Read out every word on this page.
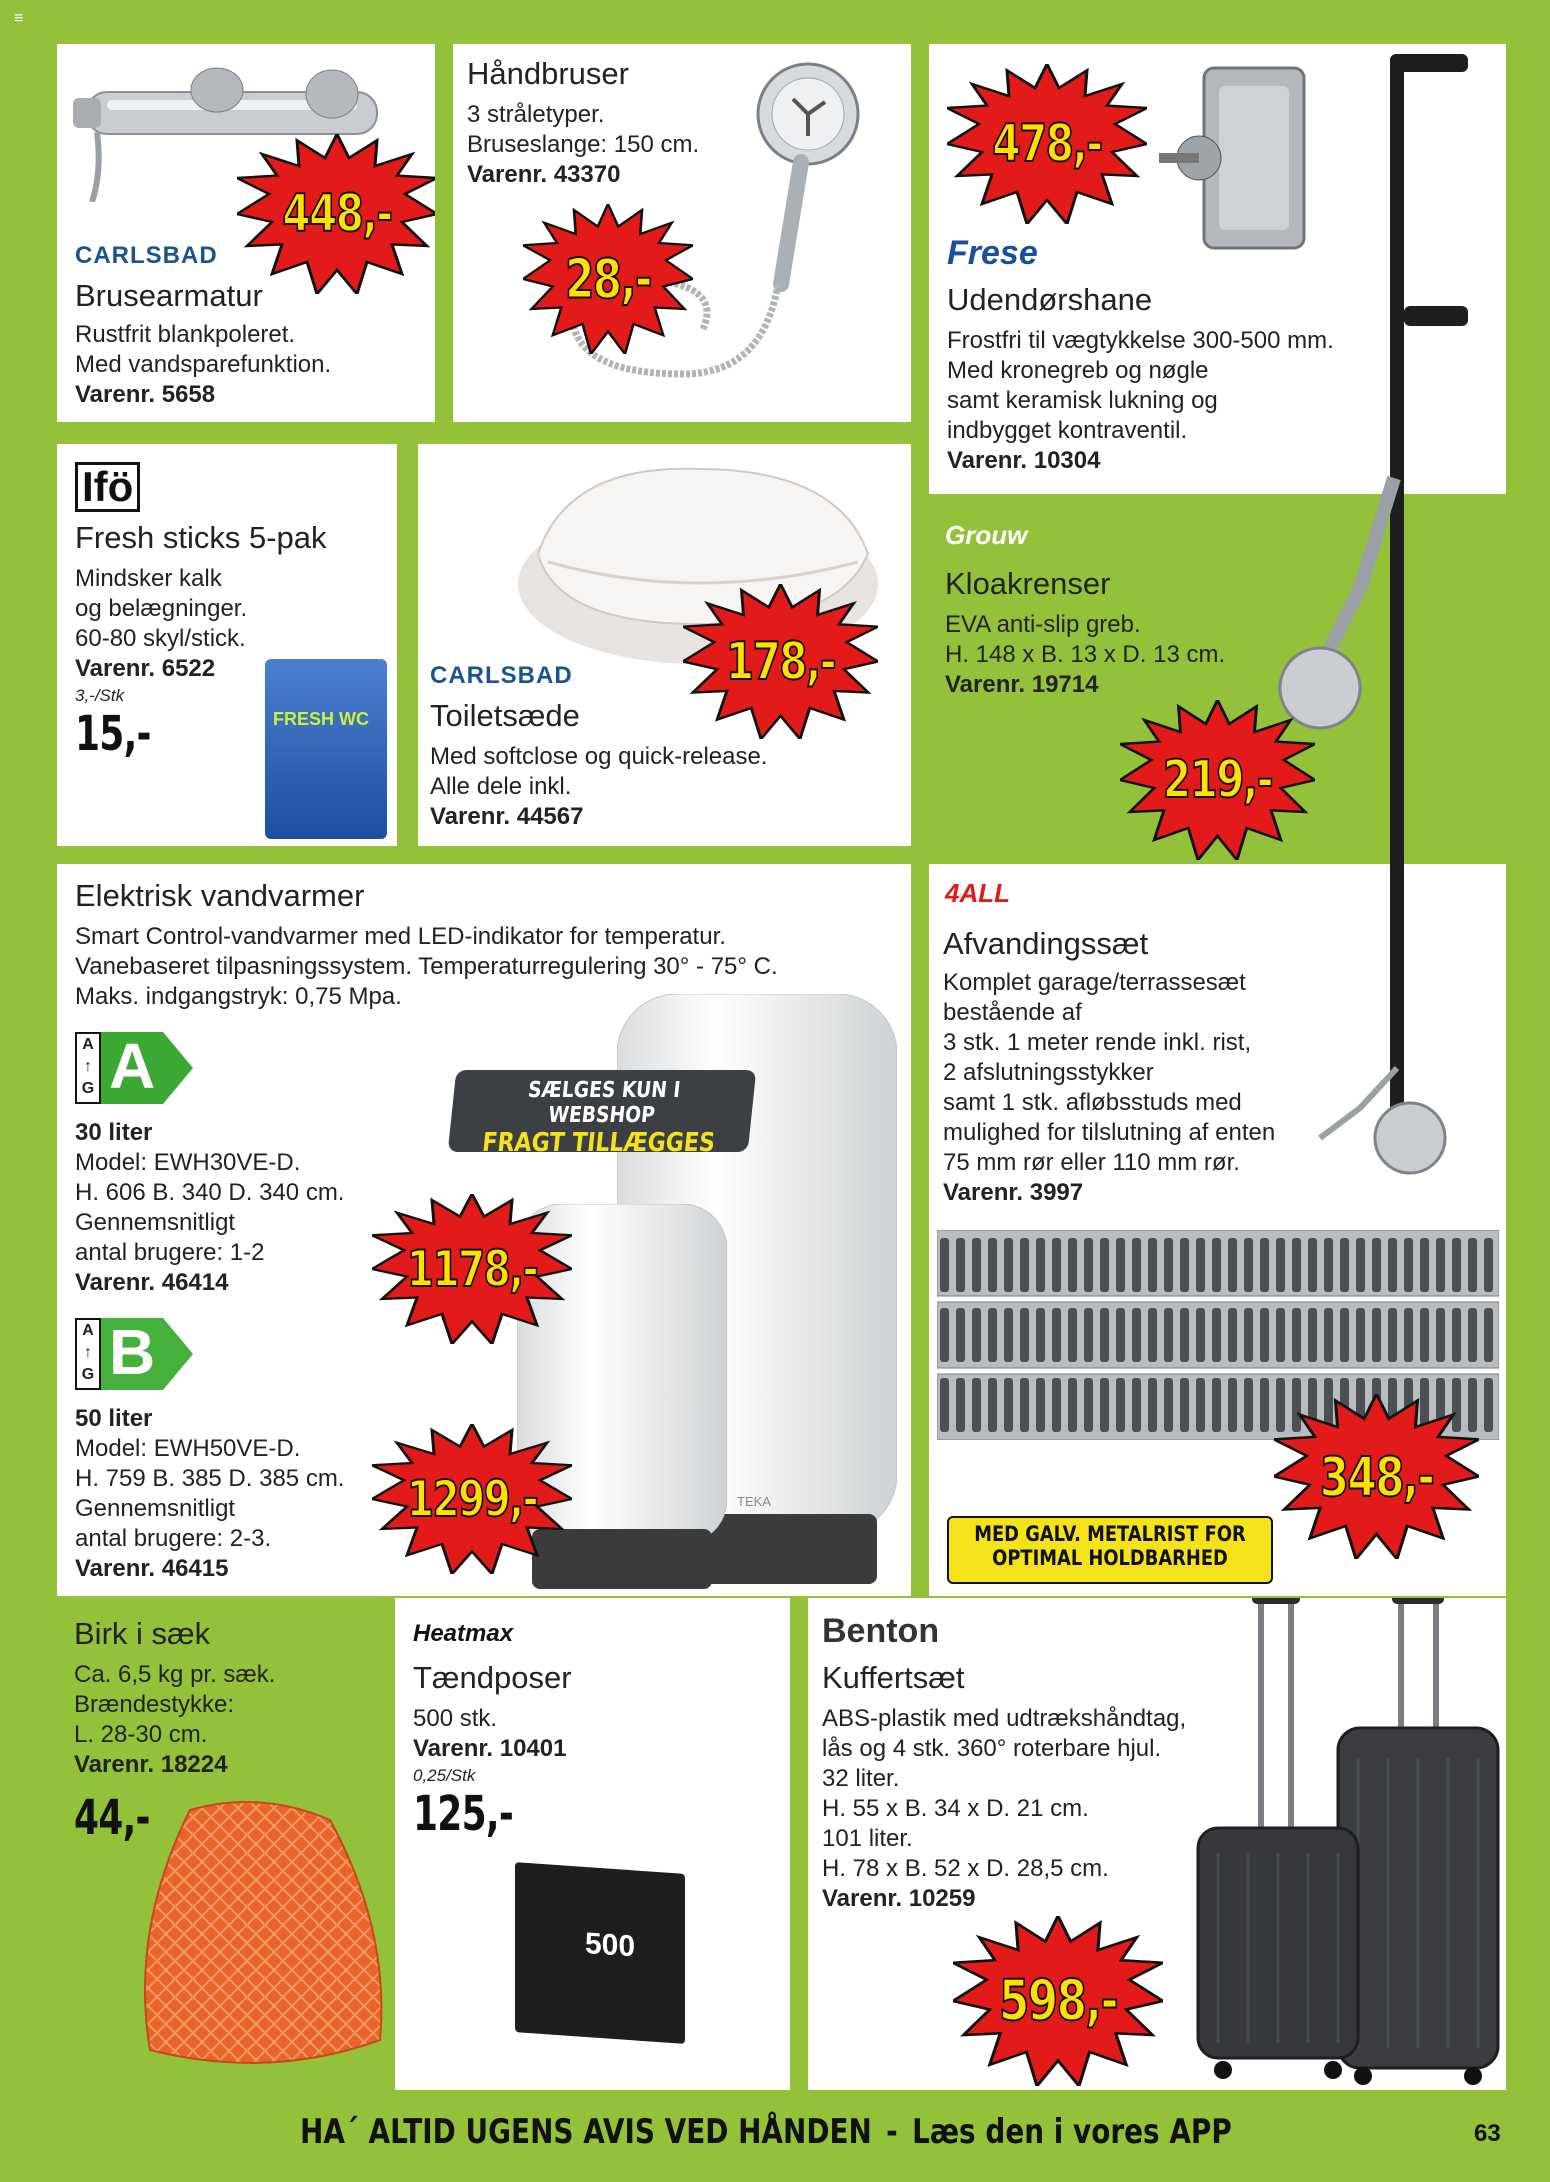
≡
448,-
CARLSBAD
Brusearmatur
Rustfrit blankpoleret.
Med vandsparefunktion.
Varenr. 5658
Håndbruser
3 stråletyper.
Bruseslange: 150 cm.
Varenr. 43370
28,-
478,-
Frese
Udendørshane
Frostfri til vægtykkelse 300-500 mm.
Med kronegreb og nøgle
samt keramisk lukning og
indbygget kontraventil.
Varenr. 10304
Ifö
Fresh sticks 5-pak
Mindsker kalk
og belægninger.
60-80 skyl/stick.
Varenr. 6522
3,-/Stk
15,-	FRESH WC
178,-
CARLSBAD
Toiletsæde
Med softclose og quick-release.
Alle dele inkl.
Varenr. 44567
Grouw
Kloakrenser
EVA anti-slip greb.
H. 148 x B. 13 x D. 13 cm.
Varenr. 19714
Elektrisk vandvarmer
Smart Control-vandvarmer med LED-indikator for temperatur.
Vanebaseret tilpasningssystem. Temperaturregulering 30° - 75° C.
Maks. indgangstryk: 0,75 Mpa.
TEKA
SÆLGES KUN I WEBSHOP
FRAGT TILLÆGGES
A
↑
G A
30 liter
Model: EWH30VE-D.
H. 606 B. 340 D. 340 cm.
Gennemsnitligt
antal brugere: 1-2
Varenr. 46414	1178,-
A
↑
G B
50 liter
Model: EWH50VE-D.
H. 759 B. 385 D. 385 cm.
Gennemsnitligt
antal brugere: 2-3.
Varenr. 46415
1299,-
4ALL
Afvandingssæt
Komplet garage/terrassesæt
bestående af
3 stk. 1 meter rende inkl. rist,
2 afslutningsstykker
samt 1 stk. afløbsstuds med
mulighed for tilslutning af enten
75 mm rør eller 110 mm rør.
Varenr. 3997
348,-
MED GALV. METALRIST FOR
OPTIMAL HOLDBARHED
219,-
Birk i sæk
Ca. 6,5 kg pr. sæk.
Brændestykke:
L. 28-30 cm.
Varenr. 18224
44,-
Heatmax
Tændposer
500 stk.
Varenr. 10401
0,25/Stk
125,-
500
Benton
Kuffertsæt
ABS-plastik med udtrækshåndtag,
lås og 4 stk. 360° roterbare hjul.
32 liter.
H. 55 x B. 34 x D. 21 cm.
101 liter.
H. 78 x B. 52 x D. 28,5 cm.
Varenr. 10259
598,-
HA´ ALTID UGENS AVIS VED HÅNDEN - Læs den i vores APP	63
